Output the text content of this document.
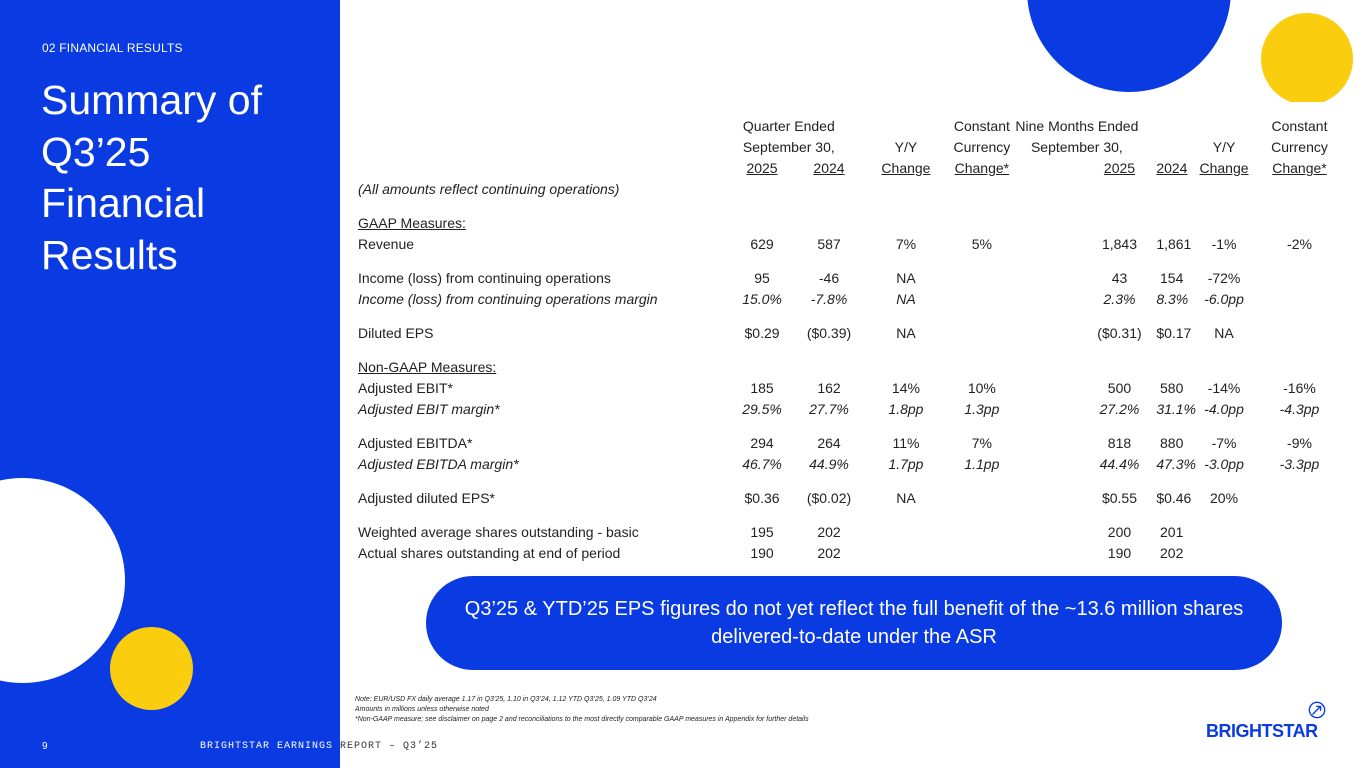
02 FINANCIAL RESULTS
Summary of Q3’25 Financial Results
9	BRIGHTSTAR EARNINGS REPORT – Q3’25
	Quarter Ended			Constant	Nine Months Ended			Constant
	September 30,		Y/Y	Currency	September 30,		Y/Y	Currency
	2025	2024	Change	Change*	2025	2024	Change	Change*
(All amounts reflect continuing operations)								

GAAP Measures:								
Revenue	629	587	7%	5%	1,843	1,861	-1%	-2%

Income (loss) from continuing operations	95	-46	NA		43	154	-72%	
Income (loss) from continuing operations margin	15.0%	-7.8%	NA		2.3%	8.3%	-6.0pp	

Diluted EPS	$0.29	($0.39)	NA		($0.31)	$0.17	NA	

Non-GAAP Measures:								
Adjusted EBIT*	185	162	14%	10%	500	580	-14%	-16%
Adjusted EBIT margin*	29.5%	27.7%	1.8pp	1.3pp	27.2%	31.1%	-4.0pp	-4.3pp

Adjusted EBITDA*	294	264	11%	7%	818	880	-7%	-9%
Adjusted EBITDA margin*	46.7%	44.9%	1.7pp	1.1pp	44.4%	47.3%	-3.0pp	-3.3pp

Adjusted diluted EPS*	$0.36	($0.02)	NA		$0.55	$0.46	20%	

Weighted average shares outstanding - basic	195	202			200	201		
Actual shares outstanding at end of period	190	202			190	202		
Q3’25 & YTD’25 EPS figures do not yet reflect the full benefit of the ~13.6 million shares delivered-to-date under the ASR
Note: EUR/USD FX daily average 1.17 in Q3’25, 1.10 in Q3’24, 1.12 YTD Q3’25, 1.09 YTD Q3’24
Amounts in millions unless otherwise noted
*Non-GAAP measure; see disclaimer on page 2 and reconciliations to the most directly comparable GAAP measures in Appendix for further details
BRIGHTSTAR
